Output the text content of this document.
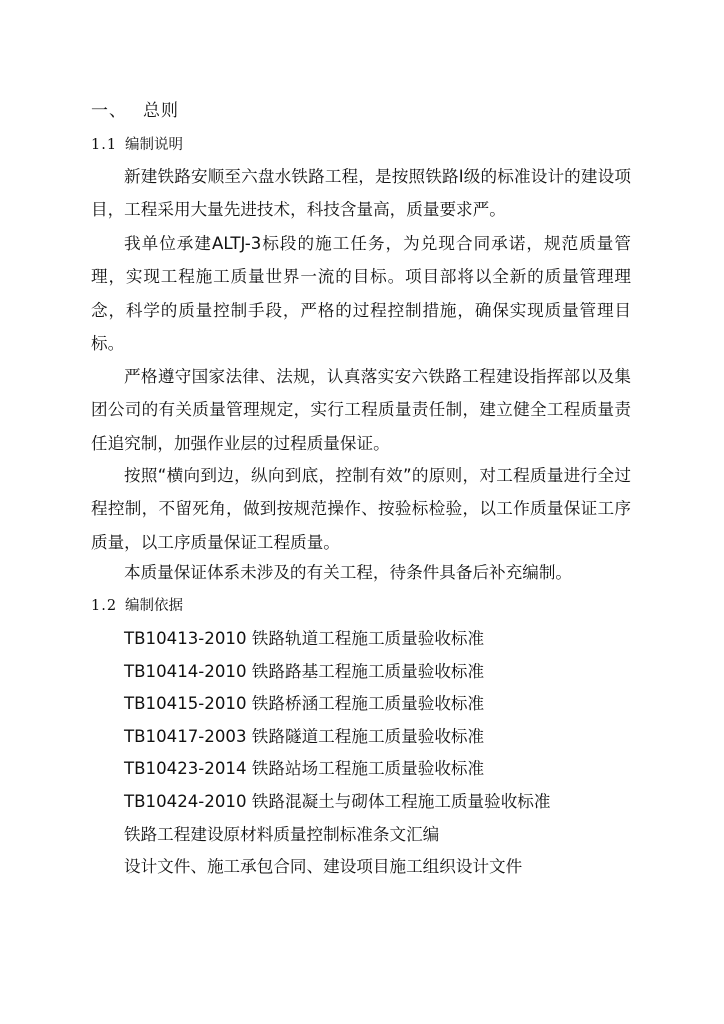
一、 总则
1.1 编制说明

新建铁路安顺至六盘水铁路工程，是按照铁路Ⅰ级的标准设计的建设项目，工程采用大量先进技术，科技含量高，质量要求严。

我单位承建ALTJ-3标段的施工任务，为兑现合同承诺，规范质量管理，实现工程施工质量世界一流的目标。项目部将以全新的质量管理理念，科学的质量控制手段，严格的过程控制措施，确保实现质量管理目标。

严格遵守国家法律、法规，认真落实安六铁路工程建设指挥部以及集团公司的有关质量管理规定，实行工程质量责任制，建立健全工程质量责任追究制，加强作业层的过程质量保证。

按照“横向到边，纵向到底，控制有效”的原则，对工程质量进行全过程控制，不留死角，做到按规范操作、按验标检验，以工作质量保证工序质量，以工序质量保证工程质量。

本质量保证体系未涉及的有关工程，待条件具备后补充编制。

1.2 编制依据
TB10413-2010 铁路轨道工程施工质量验收标准
TB10414-2010 铁路路基工程施工质量验收标准
TB10415-2010 铁路桥涵工程施工质量验收标准
TB10417-2003 铁路隧道工程施工质量验收标准
TB10423-2014 铁路站场工程施工质量验收标准
TB10424-2010 铁路混凝土与砌体工程施工质量验收标准
铁路工程建设原材料质量控制标准条文汇编
设计文件、施工承包合同、建设项目施工组织设计文件
